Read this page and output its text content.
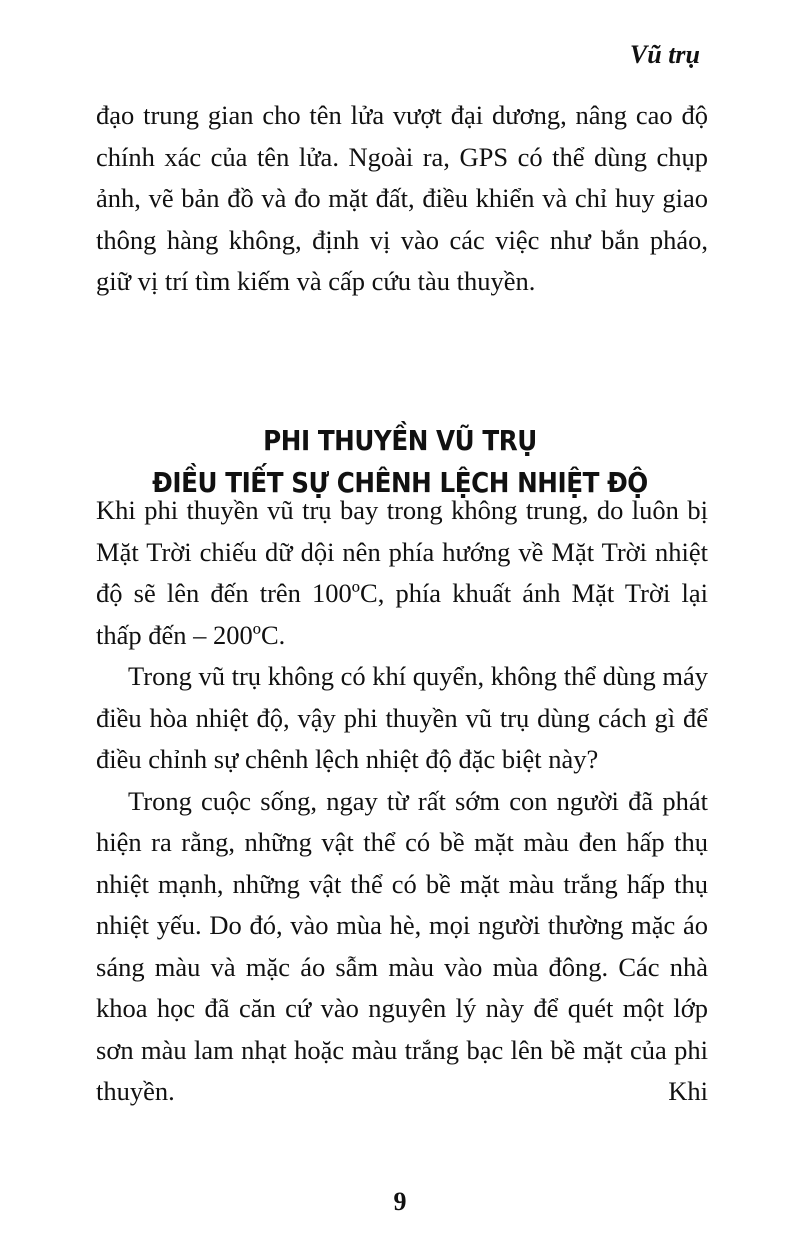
Vũ trụ

đạo trung gian cho tên lửa vượt đại dương, nâng cao độ chính xác của tên lửa. Ngoài ra, GPS có thể dùng chụp ảnh, vẽ bản đồ và đo mặt đất, điều khiển và chỉ huy giao thông hàng không, định vị vào các việc như bắn pháo, giữ vị trí tìm kiếm và cấp cứu tàu thuyền.

PHI THUYỀN VŨ TRỤ
ĐIỀU TIẾT SỰ CHÊNH LỆCH NHIỆT ĐỘ

Khi phi thuyền vũ trụ bay trong không trung, do luôn bị Mặt Trời chiếu dữ dội nên phía hướng về Mặt Trời nhiệt độ sẽ lên đến trên 100ºC, phía khuất ánh Mặt Trời lại thấp đến – 200ºC.

Trong vũ trụ không có khí quyển, không thể dùng máy điều hòa nhiệt độ, vậy phi thuyền vũ trụ dùng cách gì để điều chỉnh sự chênh lệch nhiệt độ đặc biệt này?

Trong cuộc sống, ngay từ rất sớm con người đã phát hiện ra rằng, những vật thể có bề mặt màu đen hấp thụ nhiệt mạnh, những vật thể có bề mặt màu trắng hấp thụ nhiệt yếu. Do đó, vào mùa hè, mọi người thường mặc áo sáng màu và mặc áo sẫm màu vào mùa đông. Các nhà khoa học đã căn cứ vào nguyên lý này để quét một lớp sơn màu lam nhạt hoặc màu trắng bạc lên bề mặt của phi thuyền. Khi

9
